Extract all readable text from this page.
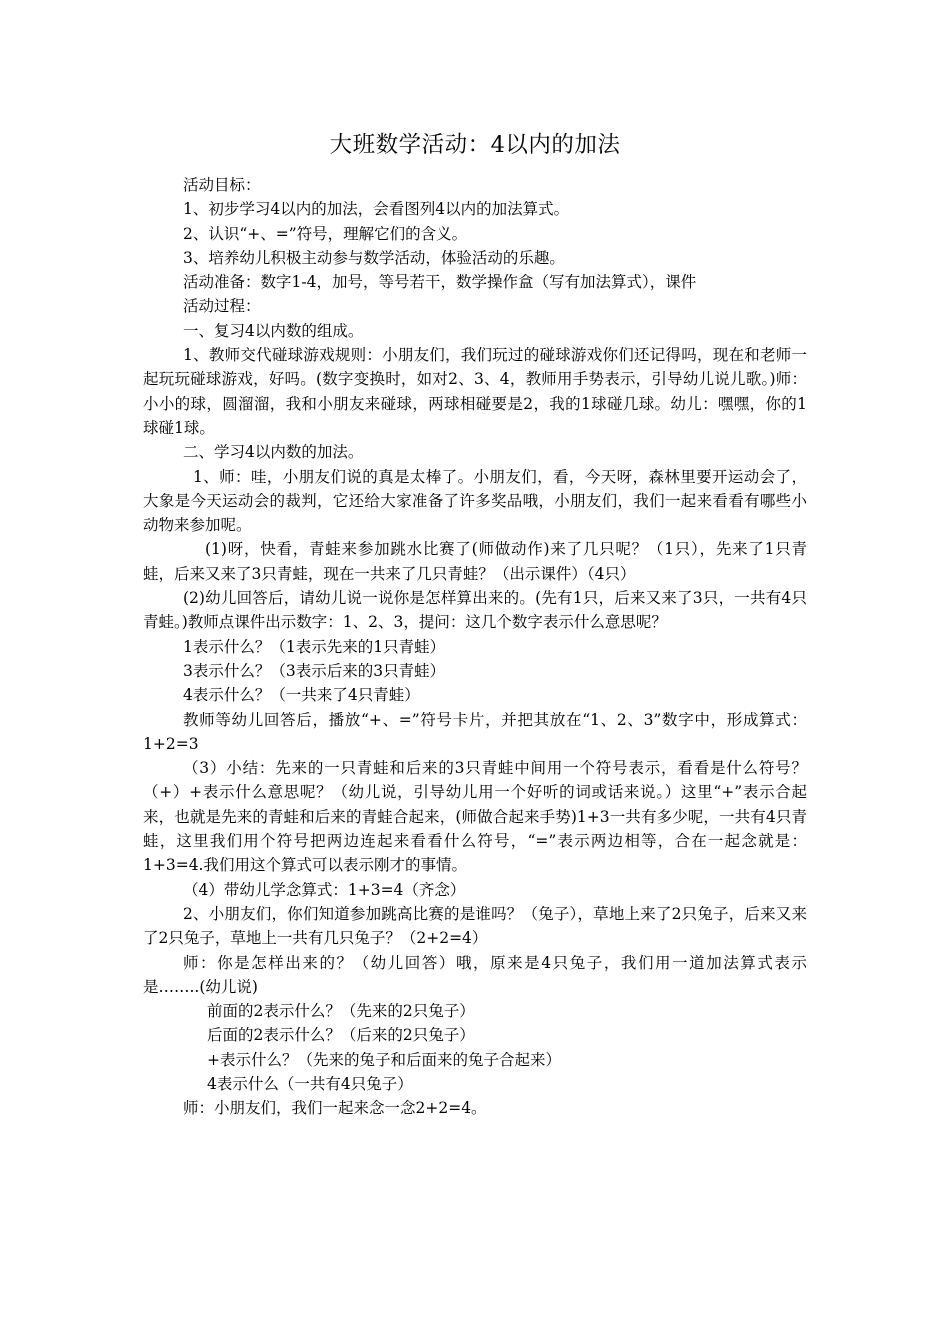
大班数学活动：4以内的加法

活动目标：

1、初步学习4以内的加法，会看图列4以内的加法算式。

2、认识“+、=”符号，理解它们的含义。

3、培养幼儿积极主动参与数学活动，体验活动的乐趣。

活动准备：数字1-4，加号，等号若干，数学操作盒（写有加法算式），课件

活动过程：

一、复习4以内数的组成。

1、教师交代碰球游戏规则：小朋友们，我们玩过的碰球游戏你们还记得吗，现在和老师一起玩玩碰球游戏，好吗。(数字变换时，如对2、3、4，教师用手势表示，引导幼儿说儿歌。)师：小小的球，圆溜溜，我和小朋友来碰球，两球相碰要是2，我的1球碰几球。幼儿：嘿嘿，你的1球碰1球。

二、学习4以内数的加法。

1、师：哇，小朋友们说的真是太棒了。小朋友们，看，今天呀，森林里要开运动会了，大象是今天运动会的裁判，它还给大家准备了许多奖品哦，小朋友们，我们一起来看看有哪些小动物来参加呢。

(1)呀，快看，青蛙来参加跳水比赛了(师做动作)来了几只呢？（1只），先来了1只青蛙，后来又来了3只青蛙，现在一共来了几只青蛙？（出示课件）（4只）

(2)幼儿回答后，请幼儿说一说你是怎样算出来的。(先有1只，后来又来了3只，一共有4只青蛙。)教师点课件出示数字：1、2、3，提问：这几个数字表示什么意思呢？

1表示什么？（1表示先来的1只青蛙）

3表示什么？（3表示后来的3只青蛙）

4表示什么？（一共来了4只青蛙）

教师等幼儿回答后，播放“+、=”符号卡片，并把其放在“1、2、3”数字中，形成算式：1+2=3

（3）小结：先来的一只青蛙和后来的3只青蛙中间用一个符号表示，看看是什么符号？（+）+表示什么意思呢？（幼儿说，引导幼儿用一个好听的词或话来说。）这里“+”表示合起来，也就是先来的青蛙和后来的青蛙合起来，(师做合起来手势)1+3一共有多少呢，一共有4只青蛙，这里我们用个符号把两边连起来看看什么符号，“=”表示两边相等，合在一起念就是：1+3=4.我们用这个算式可以表示刚才的事情。

（4）带幼儿学念算式：1+3=4（齐念）

2、小朋友们，你们知道参加跳高比赛的是谁吗？（兔子），草地上来了2只兔子，后来又来了2只兔子，草地上一共有几只兔子？（2+2=4）

师：你是怎样出来的？（幼儿回答）哦，原来是4只兔子，我们用一道加法算式表示是……..(幼儿说)

前面的2表示什么？（先来的2只兔子）

后面的2表示什么？（后来的2只兔子）

+表示什么？（先来的兔子和后面来的兔子合起来）

4表示什么（一共有4只兔子）

师：小朋友们，我们一起来念一念2+2=4。
